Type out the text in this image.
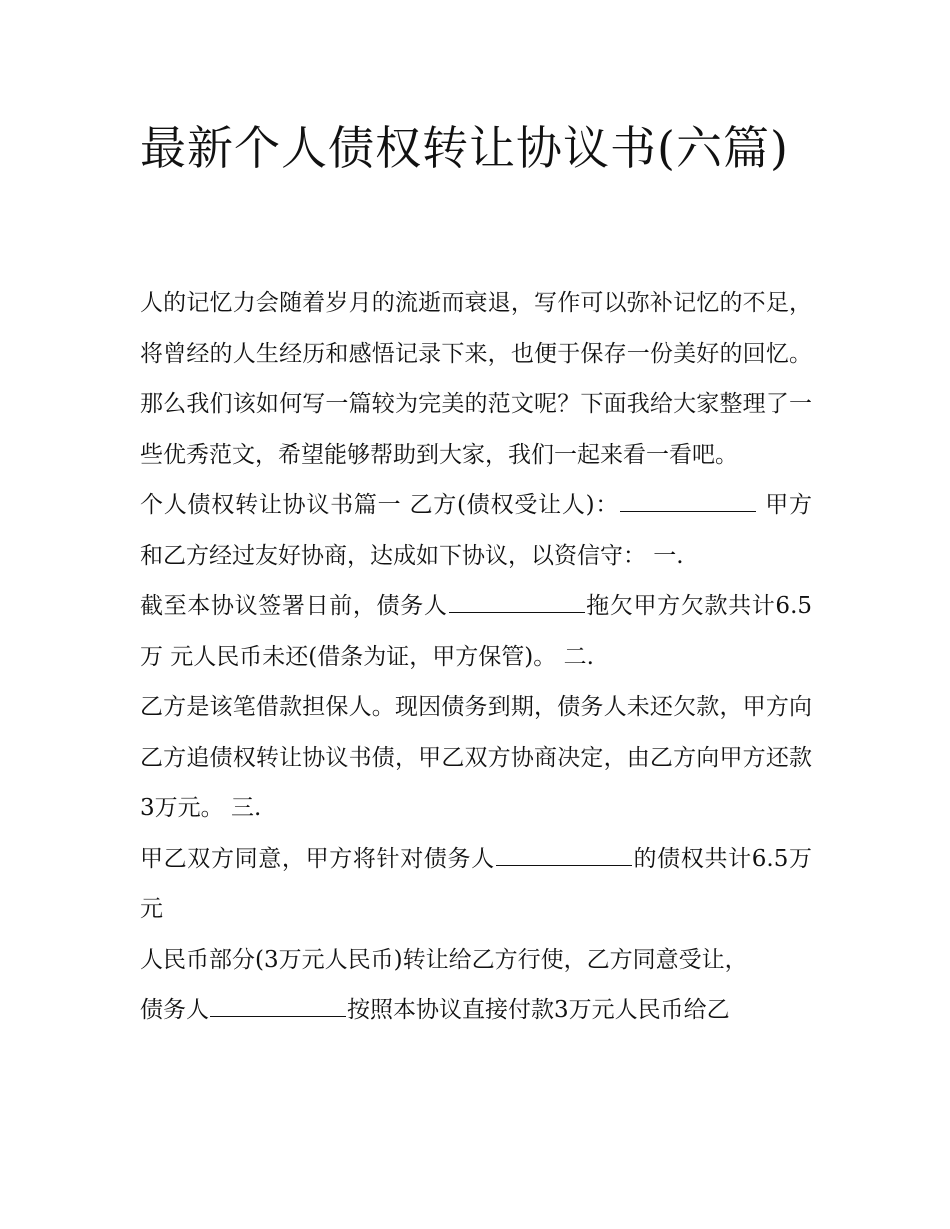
最新个人债权转让协议书(六篇)

人的记忆力会随着岁月的流逝而衰退，写作可以弥补记忆的不足，将曾经的人生经历和感悟记录下来，也便于保存一份美好的回忆。那么我们该如何写一篇较为完美的范文呢？下面我给大家整理了一些优秀范文，希望能够帮助到大家，我们一起来看一看吧。

个人债权转让协议书篇一 乙方(债权受让人)：	甲方和乙方经过友好协商，达成如下协议，以资信守： 一.

截至本协议签署日前，债务人	拖欠甲方欠款共计6.5万 元人民币未还(借条为证，甲方保管)。 二.

乙方是该笔借款担保人。现因债务到期，债务人未还欠款，甲方向乙方追债权转让协议书债，甲乙双方协商决定，由乙方向甲方还款3万元。 三.

甲乙双方同意，甲方将针对债务人	的债权共计6.5万元

人民币部分(3万元人民币)转让给乙方行使，乙方同意受让，

债务人	按照本协议直接付款3万元人民币给乙
